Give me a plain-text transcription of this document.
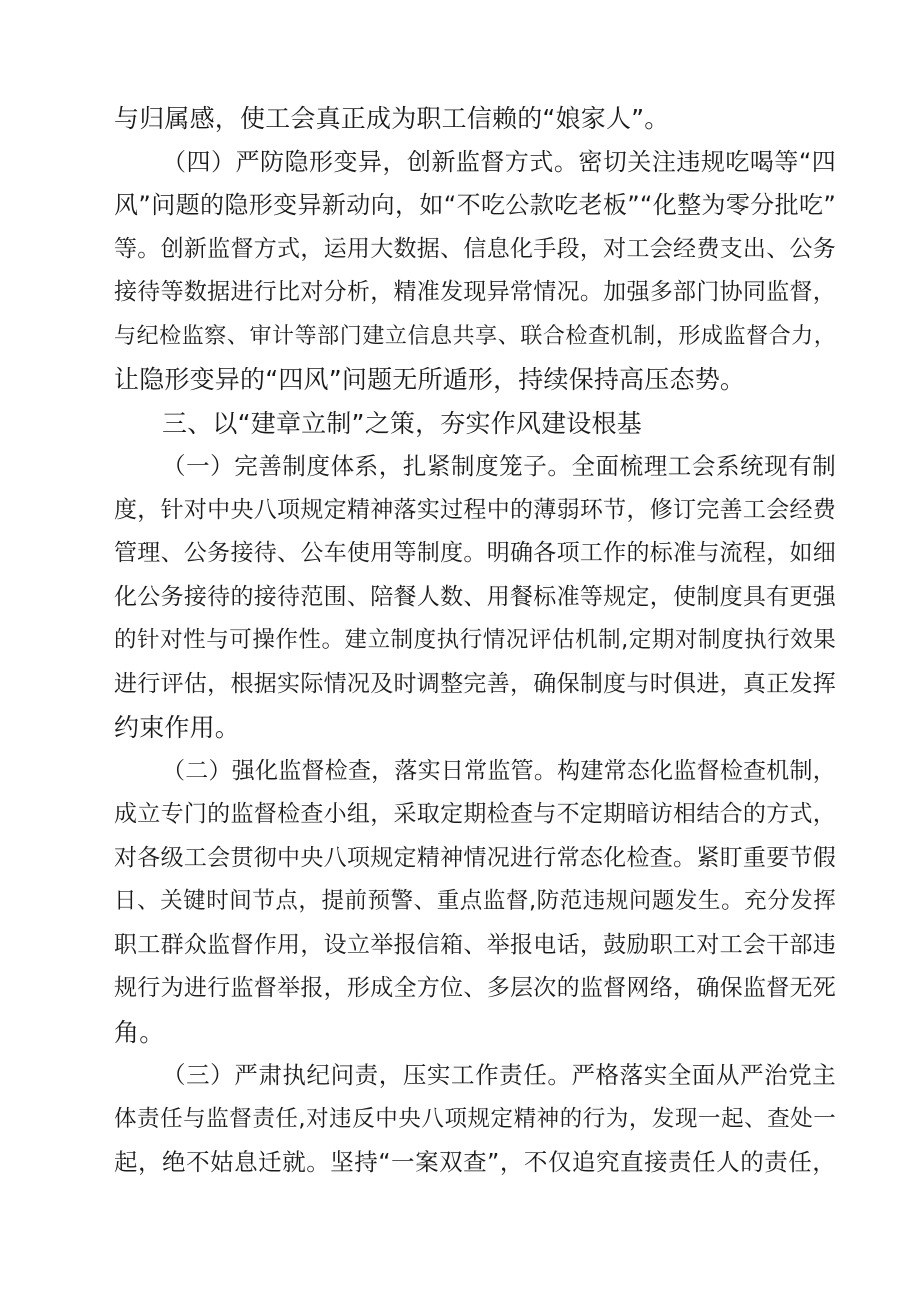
与归属感，使工会真正成为职工信赖的“娘家人”。
（四）严防隐形变异，创新监督方式。密切关注违规吃喝等“四
风”问题的隐形变异新动向，如“不吃公款吃老板”“化整为零分批吃”
等。创新监督方式，运用大数据、信息化手段，对工会经费支出、公务
接待等数据进行比对分析，精准发现异常情况。加强多部门协同监督，
与纪检监察、审计等部门建立信息共享、联合检查机制，形成监督合力，
让隐形变异的“四风”问题无所遁形，持续保持高压态势。
三、以“建章立制”之策，夯实作风建设根基
（一）完善制度体系，扎紧制度笼子。全面梳理工会系统现有制
度，针对中央八项规定精神落实过程中的薄弱环节，修订完善工会经费
管理、公务接待、公车使用等制度。明确各项工作的标准与流程，如细
化公务接待的接待范围、陪餐人数、用餐标准等规定，使制度具有更强
的针对性与可操作性。建立制度执行情况评估机制,定期对制度执行效果
进行评估，根据实际情况及时调整完善，确保制度与时俱进，真正发挥
约束作用。
（二）强化监督检查，落实日常监管。构建常态化监督检查机制，
成立专门的监督检查小组，采取定期检查与不定期暗访相结合的方式，
对各级工会贯彻中央八项规定精神情况进行常态化检查。紧盯重要节假
日、关键时间节点，提前预警、重点监督,防范违规问题发生。充分发挥
职工群众监督作用，设立举报信箱、举报电话，鼓励职工对工会干部违
规行为进行监督举报，形成全方位、多层次的监督网络，确保监督无死
角。
（三）严肃执纪问责，压实工作责任。严格落实全面从严治党主
体责任与监督责任,对违反中央八项规定精神的行为，发现一起、查处一
起，绝不姑息迁就。坚持“一案双查”，不仅追究直接责任人的责任，
